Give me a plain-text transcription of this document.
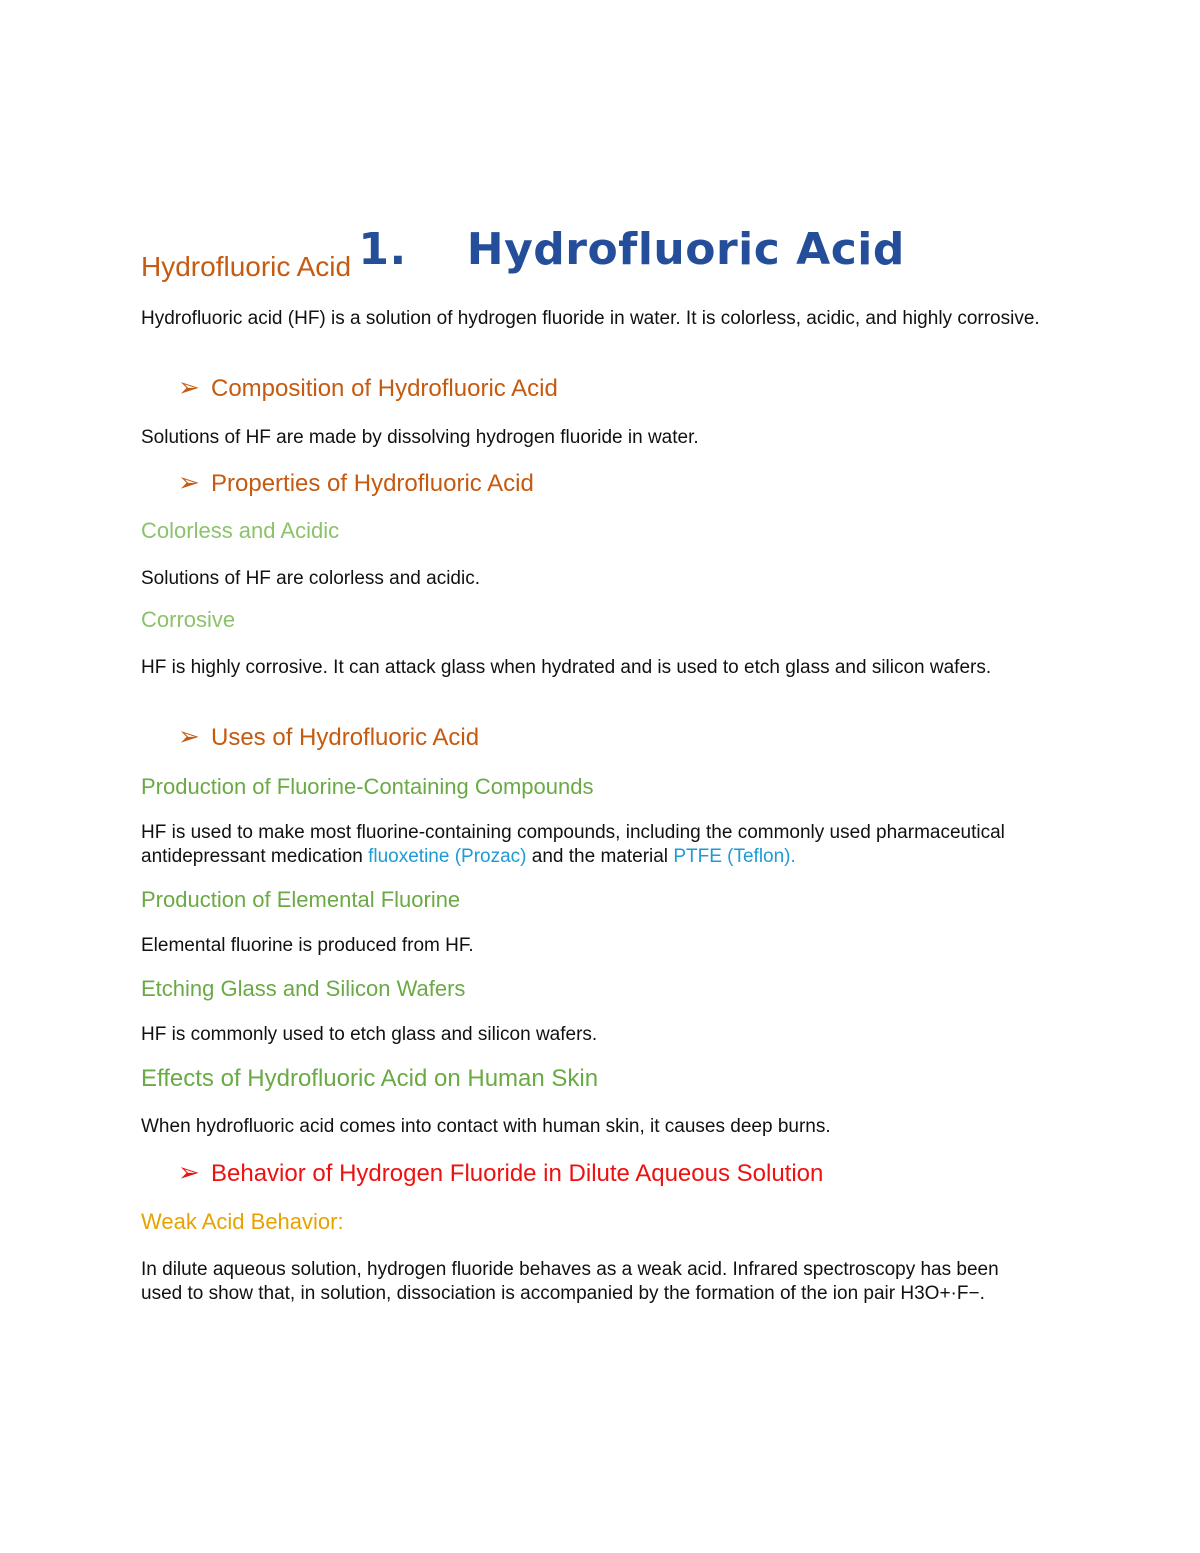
1. Hydrofluoric Acid

Hydrofluoric Acid
Hydrofluoric acid (HF) is a solution of hydrogen fluoride in water. It is colorless, acidic, and highly corrosive.
➢ Composition of Hydrofluoric Acid
Solutions of HF are made by dissolving hydrogen fluoride in water.
➢ Properties of Hydrofluoric Acid
Colorless and Acidic
Solutions of HF are colorless and acidic.
Corrosive
HF is highly corrosive. It can attack glass when hydrated and is used to etch glass and silicon wafers.
➢ Uses of Hydrofluoric Acid
Production of Fluorine-Containing Compounds
HF is used to make most fluorine-containing compounds, including the commonly used pharmaceutical antidepressant medication fluoxetine (Prozac) and the material PTFE (Teflon).
Production of Elemental Fluorine
Elemental fluorine is produced from HF.
Etching Glass and Silicon Wafers
HF is commonly used to etch glass and silicon wafers.
Effects of Hydrofluoric Acid on Human Skin
When hydrofluoric acid comes into contact with human skin, it causes deep burns.
➢ Behavior of Hydrogen Fluoride in Dilute Aqueous Solution
Weak Acid Behavior:
In dilute aqueous solution, hydrogen fluoride behaves as a weak acid. Infrared spectroscopy has been used to show that, in solution, dissociation is accompanied by the formation of the ion pair H3O+·F−.
